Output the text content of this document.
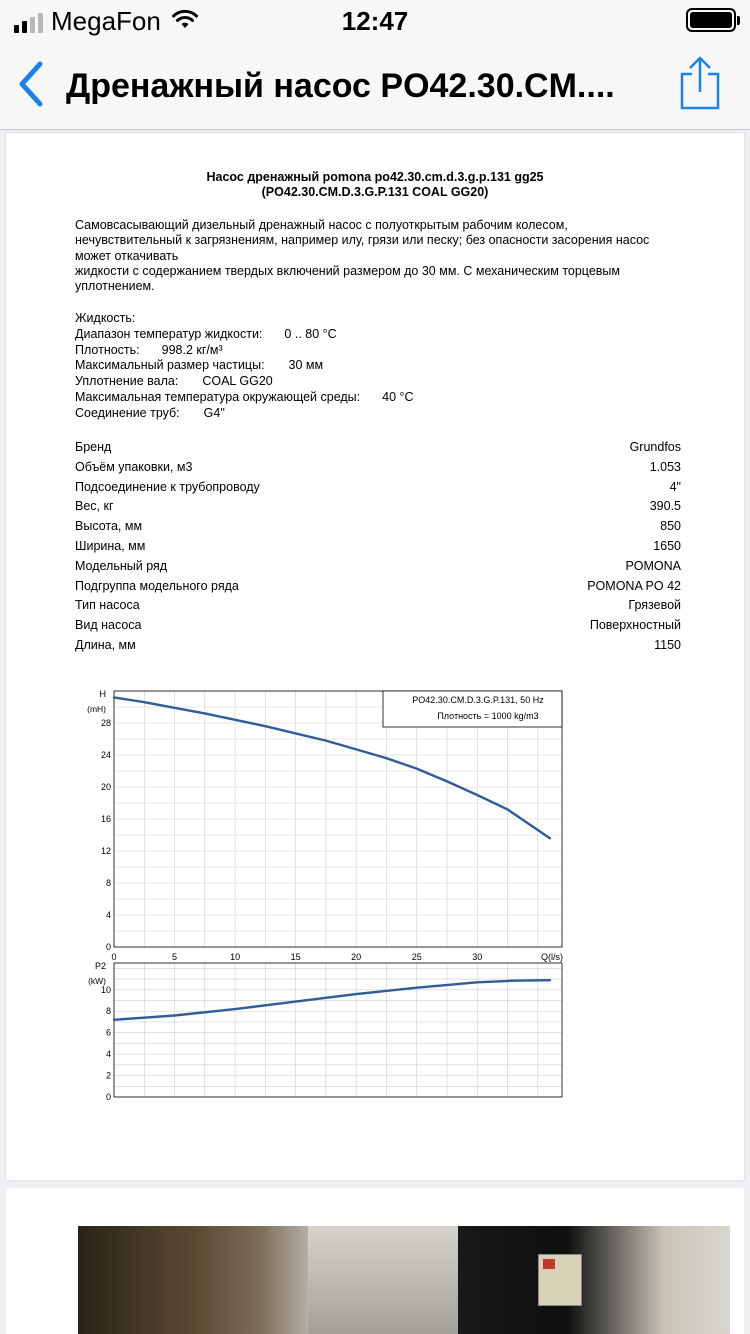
MegaFon	12:47
Дренажный насос PO42.30.CM....
Насос дренажный pomona po42.30.cm.d.3.g.p.131 gg25
(PO42.30.CM.D.3.G.P.131 COAL GG20)
Самовсасывающий дизельный дренажный насос с полуоткрытым рабочим колесом,
нечувствительный к загрязнениям, например илу, грязи или песку; без опасности засорения насос
может откачивать
жидкости с содержанием твердых включений размером до 30 мм. С механическим торцевым
уплотнением.
Жидкость:
Диапазон температур жидкости: 0 .. 80 °C
Плотность: 998.2 кг/м³
Максимальный размер частицы: 30 мм
Уплотнение вала: COAL GG20
Максимальная температура окружающей среды: 40 °C
Соединение труб: G4"
Бренд	Grundfos
Объём упаковки, м3	1.053
Подсоединение к трубопроводу	4"
Вес, кг	390.5
Высота, мм	850
Ширина, мм	1650
Модельный ряд	POMONA
Подгруппа модельного ряда	POMONA PO 42
Тип насоса	Грязевой
Вид насоса	Поверхностный
Длина, мм	1150
PO42.30.CM.D.3.G.P.131, 50 Hz
Плотность = 1000 kg/m3
H
(mH)
P2
(kW)
Q(l/s)
0
4
8
12
16
20
24
28
0
2
4
6
8
10
0	5	10	15	20	25	30
